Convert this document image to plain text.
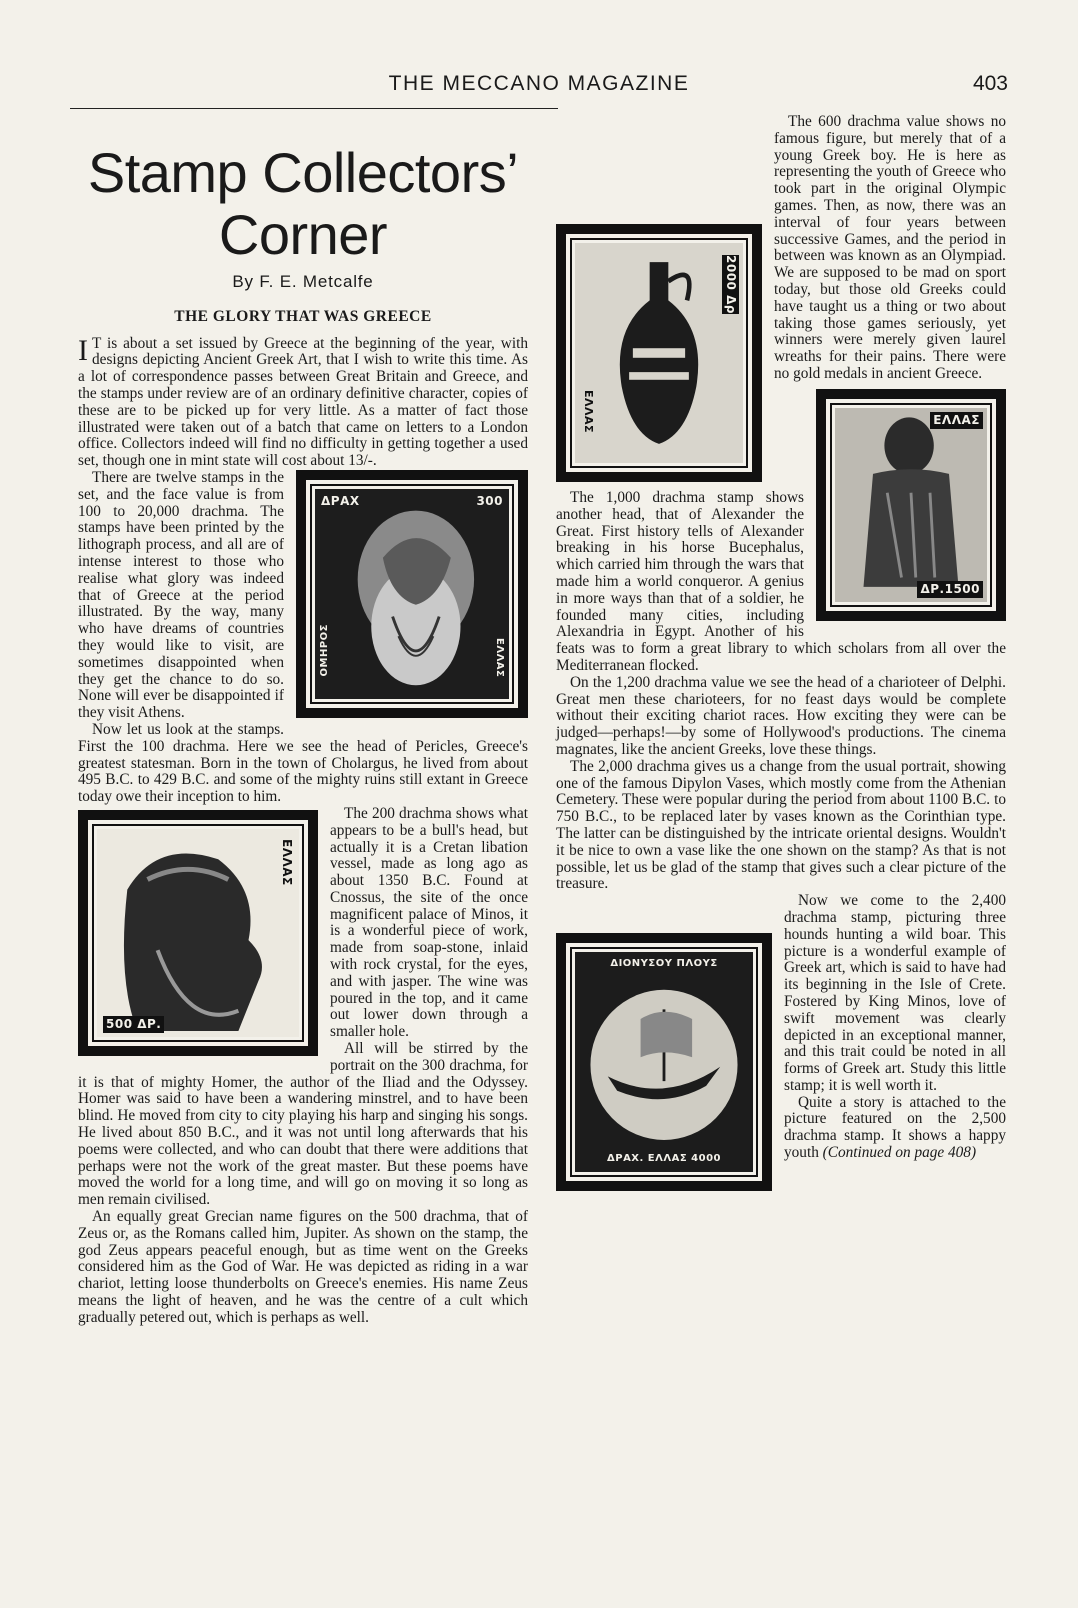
THE MECCANO MAGAZINE	403
Stamp Collectors’ Corner
By F. E. Metcalfe
THE GLORY THAT WAS GREECE

I T is about a set issued by Greece at the beginning of the year, with designs depicting Ancient Greek Art, that I wish to write this time. As a lot of correspondence passes between Great Britain and Greece, and the stamps under review are of an ordinary definitive character, copies of these are to be picked up for very little. As a matter of fact those illustrated were taken out of a batch that came on letters to a London office. Collectors indeed will find no difficulty in getting together a used set, though one in mint state will cost about 13/-.

ΔΡΑΧ	300
ΟΜΗΡΟΣ	ΕΛΛΑΣ

There are twelve stamps in the set, and the face value is from 100 to 20,000 drachma. The stamps have been printed by the lithograph process, and all are of intense interest to those who realise what glory was indeed that of Greece at the period illustrated. By the way, many who have dreams of countries they would like to visit, are sometimes disappointed when they get the chance to do so. None will ever be disappointed if they visit Athens.

Now let us look at the stamps. First the 100 drachma. Here we see the head of Pericles, Greece's greatest statesman. Born in the town of Cholargus, he lived from about 495 B.C. to 429 B.C. and some of the mighty ruins still extant in Greece today owe their inception to him.

ΕΛΛΑΣ
500 ΔΡ.

The 200 drachma shows what appears to be a bull's head, but actually it is a Cretan libation vessel, made as long ago as about 1350 B.C. Found at Cnossus, the site of the once magnificent palace of Minos, it is a wonderful piece of work, made from soap-stone, inlaid with rock crystal, for the eyes, and with jasper. The wine was poured in the top, and it came out lower down through a smaller hole.

All will be stirred by the portrait on the 300 drachma, for it is that of mighty Homer, the author of the Iliad and the Odyssey. Homer was said to have been a wandering minstrel, and to have been blind. He moved from city to city playing his harp and singing his songs. He lived about 850 B.C., and it was not until long afterwards that his poems were collected, and who can doubt that there were additions that perhaps were not the work of the great master. But these poems have moved the world for a long time, and will go on moving it so long as men remain civilised.

An equally great Grecian name figures on the 500 drachma, that of Zeus or, as the Romans called him, Jupiter. As shown on the stamp, the god Zeus appears peaceful enough, but as time went on the Greeks considered him as the God of War. He was depicted as riding in a war chariot, letting loose thunderbolts on Greece's enemies. His name Zeus means the light of heaven, and he was the centre of a cult which gradually petered out, which is perhaps as well.

2000 Δρ
ΕΛΛΑΣ

The 600 drachma value shows no famous figure, but merely that of a young Greek boy. He is here as representing the youth of Greece who took part in the original Olympic games. Then, as now, there was an interval of four years between successive Games, and the period in between was known as an Olympiad. We are supposed to be mad on sport today, but those old Greeks could have taught us a thing or two about taking those games seriously, yet winners were merely given laurel wreaths for their pains. There were no gold medals in ancient Greece.

ΕΛΛΑΣ
ΔΡ.1500

The 1,000 drachma stamp shows another head, that of Alexander the Great. First history tells of Alexander breaking in his horse Bucephalus, which carried him through the wars that made him a world conqueror. A genius in more ways than that of a soldier, he founded many cities, including Alexandria in Egypt. Another of his feats was to form a great library to which scholars from all over the Mediterranean flocked.

On the 1,200 drachma value we see the head of a charioteer of Delphi. Great men these charioteers, for no feast days would be complete without their exciting chariot races. How exciting they were can be judged—perhaps!—by some of Hollywood's productions. The cinema magnates, like the ancient Greeks, love these things.

The 2,000 drachma gives us a change from the usual portrait, showing one of the famous Dipylon Vases, which mostly come from the Athenian Cemetery. These were popular during the period from about 1100 B.C. to 750 B.C., to be replaced later by vases known as the Corinthian type. The latter can be distinguished by the intricate oriental designs. Wouldn't it be nice to own a vase like the one shown on the stamp? As that is not possible, let us be glad of the stamp that gives such a clear picture of the treasure.

ΔΙΟΝΥΣΟΥ ΠΛΟΥΣ
ΔΡΑΧ. ΕΛΛΑΣ 4000

Now we come to the 2,400 drachma stamp, picturing three hounds hunting a wild boar. This picture is a wonderful example of Greek art, which is said to have had its beginning in the Isle of Crete. Fostered by King Minos, love of swift movement was clearly depicted in an exceptional manner, and this trait could be noted in all forms of Greek art. Study this little stamp; it is well worth it.

Quite a story is attached to the picture featured on the 2,500 drachma stamp. It shows a happy youth (Continued on page 408)
